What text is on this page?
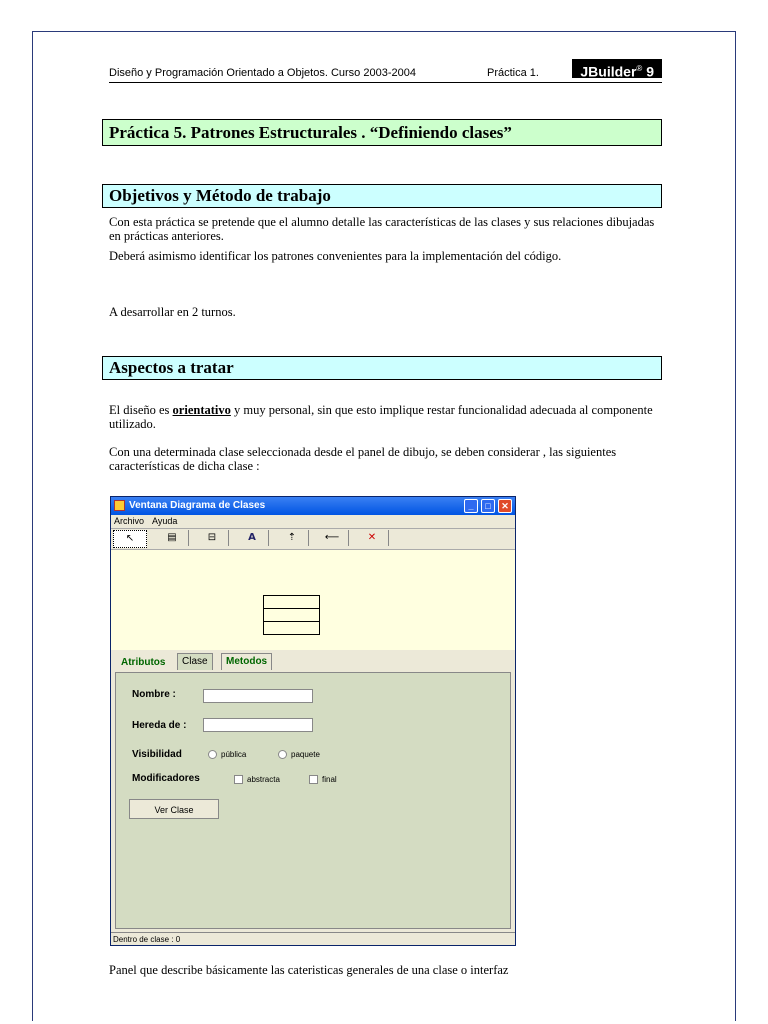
Diseño y Programación Orientado a Objetos. Curso 2003-2004	Práctica 1.	JBuilder® 9
Práctica 5. Patrones Estructurales . “Definiendo clases”
Objetivos y Método de trabajo
Con esta práctica se pretende que el alumno detalle las características de las clases y sus relaciones dibujadas en prácticas anteriores.
Deberá asimismo identificar los patrones convenientes para la implementación del código.
A desarrollar en 2 turnos.
Aspectos a tratar
El diseño es orientativo y muy personal, sin que esto implique restar funcionalidad adecuada al componente utilizado.
Con una determinada clase seleccionada desde el panel de dibujo, se deben considerar , las siguientes características de dicha clase :
Ventana Diagrama de Clases	_	□	✕
Archivo Ayuda
↖	▤	⊟	A	⇡	⟵	✕
Atributos	Clase	Metodos
Nombre :
Hereda de :
Visibilidad	pública	paquete
Modificadores	abstracta	final
Ver Clase
Dentro de clase : 0
Panel que describe básicamente las cateristicas generales de una clase o interfaz
